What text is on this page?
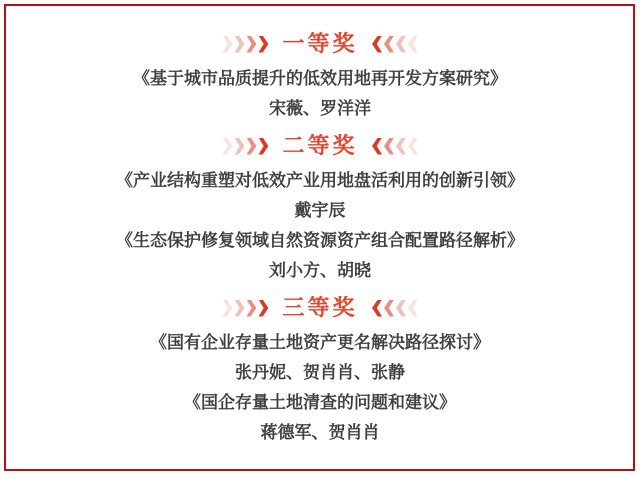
一等奖
《基于城市品质提升的低效用地再开发方案研究》
宋薇、罗洋洋
二等奖
《产业结构重塑对低效产业用地盘活利用的创新引领》
戴宇辰
《生态保护修复领域自然资源资产组合配置路径解析》
刘小方、胡晓
三等奖
《国有企业存量土地资产更名解决路径探讨》
张丹妮、贺肖肖、张静
《国企存量土地清查的问题和建议》
蒋德军、贺肖肖
